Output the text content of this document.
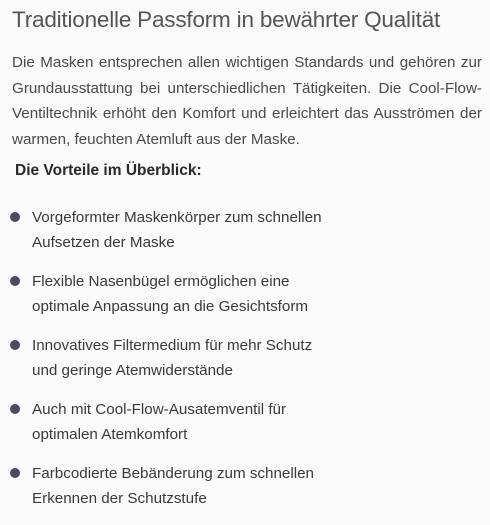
Traditionelle Passform in bewährter Qualität
Die Masken entsprechen allen wichtigen Standards und gehören zur
Grundausstattung bei unterschiedlichen Tätigkeiten. Die Cool-Flow-
Ventiltechnik erhöht den Komfort und erleichtert das Ausströmen der
warmen, feuchten Atemluft aus der Maske.
Die Vorteile im Überblick:
Vorgeformter Maskenkörper zum schnellen
Aufsetzen der Maske
Flexible Nasenbügel ermöglichen eine
optimale Anpassung an die Gesichtsform
Innovatives Filtermedium für mehr Schutz
und geringe Atemwiderstände
Auch mit Cool-Flow-Ausatemventil für
optimalen Atemkomfort
Farbcodierte Bebänderung zum schnellen
Erkennen der Schutzstufe
